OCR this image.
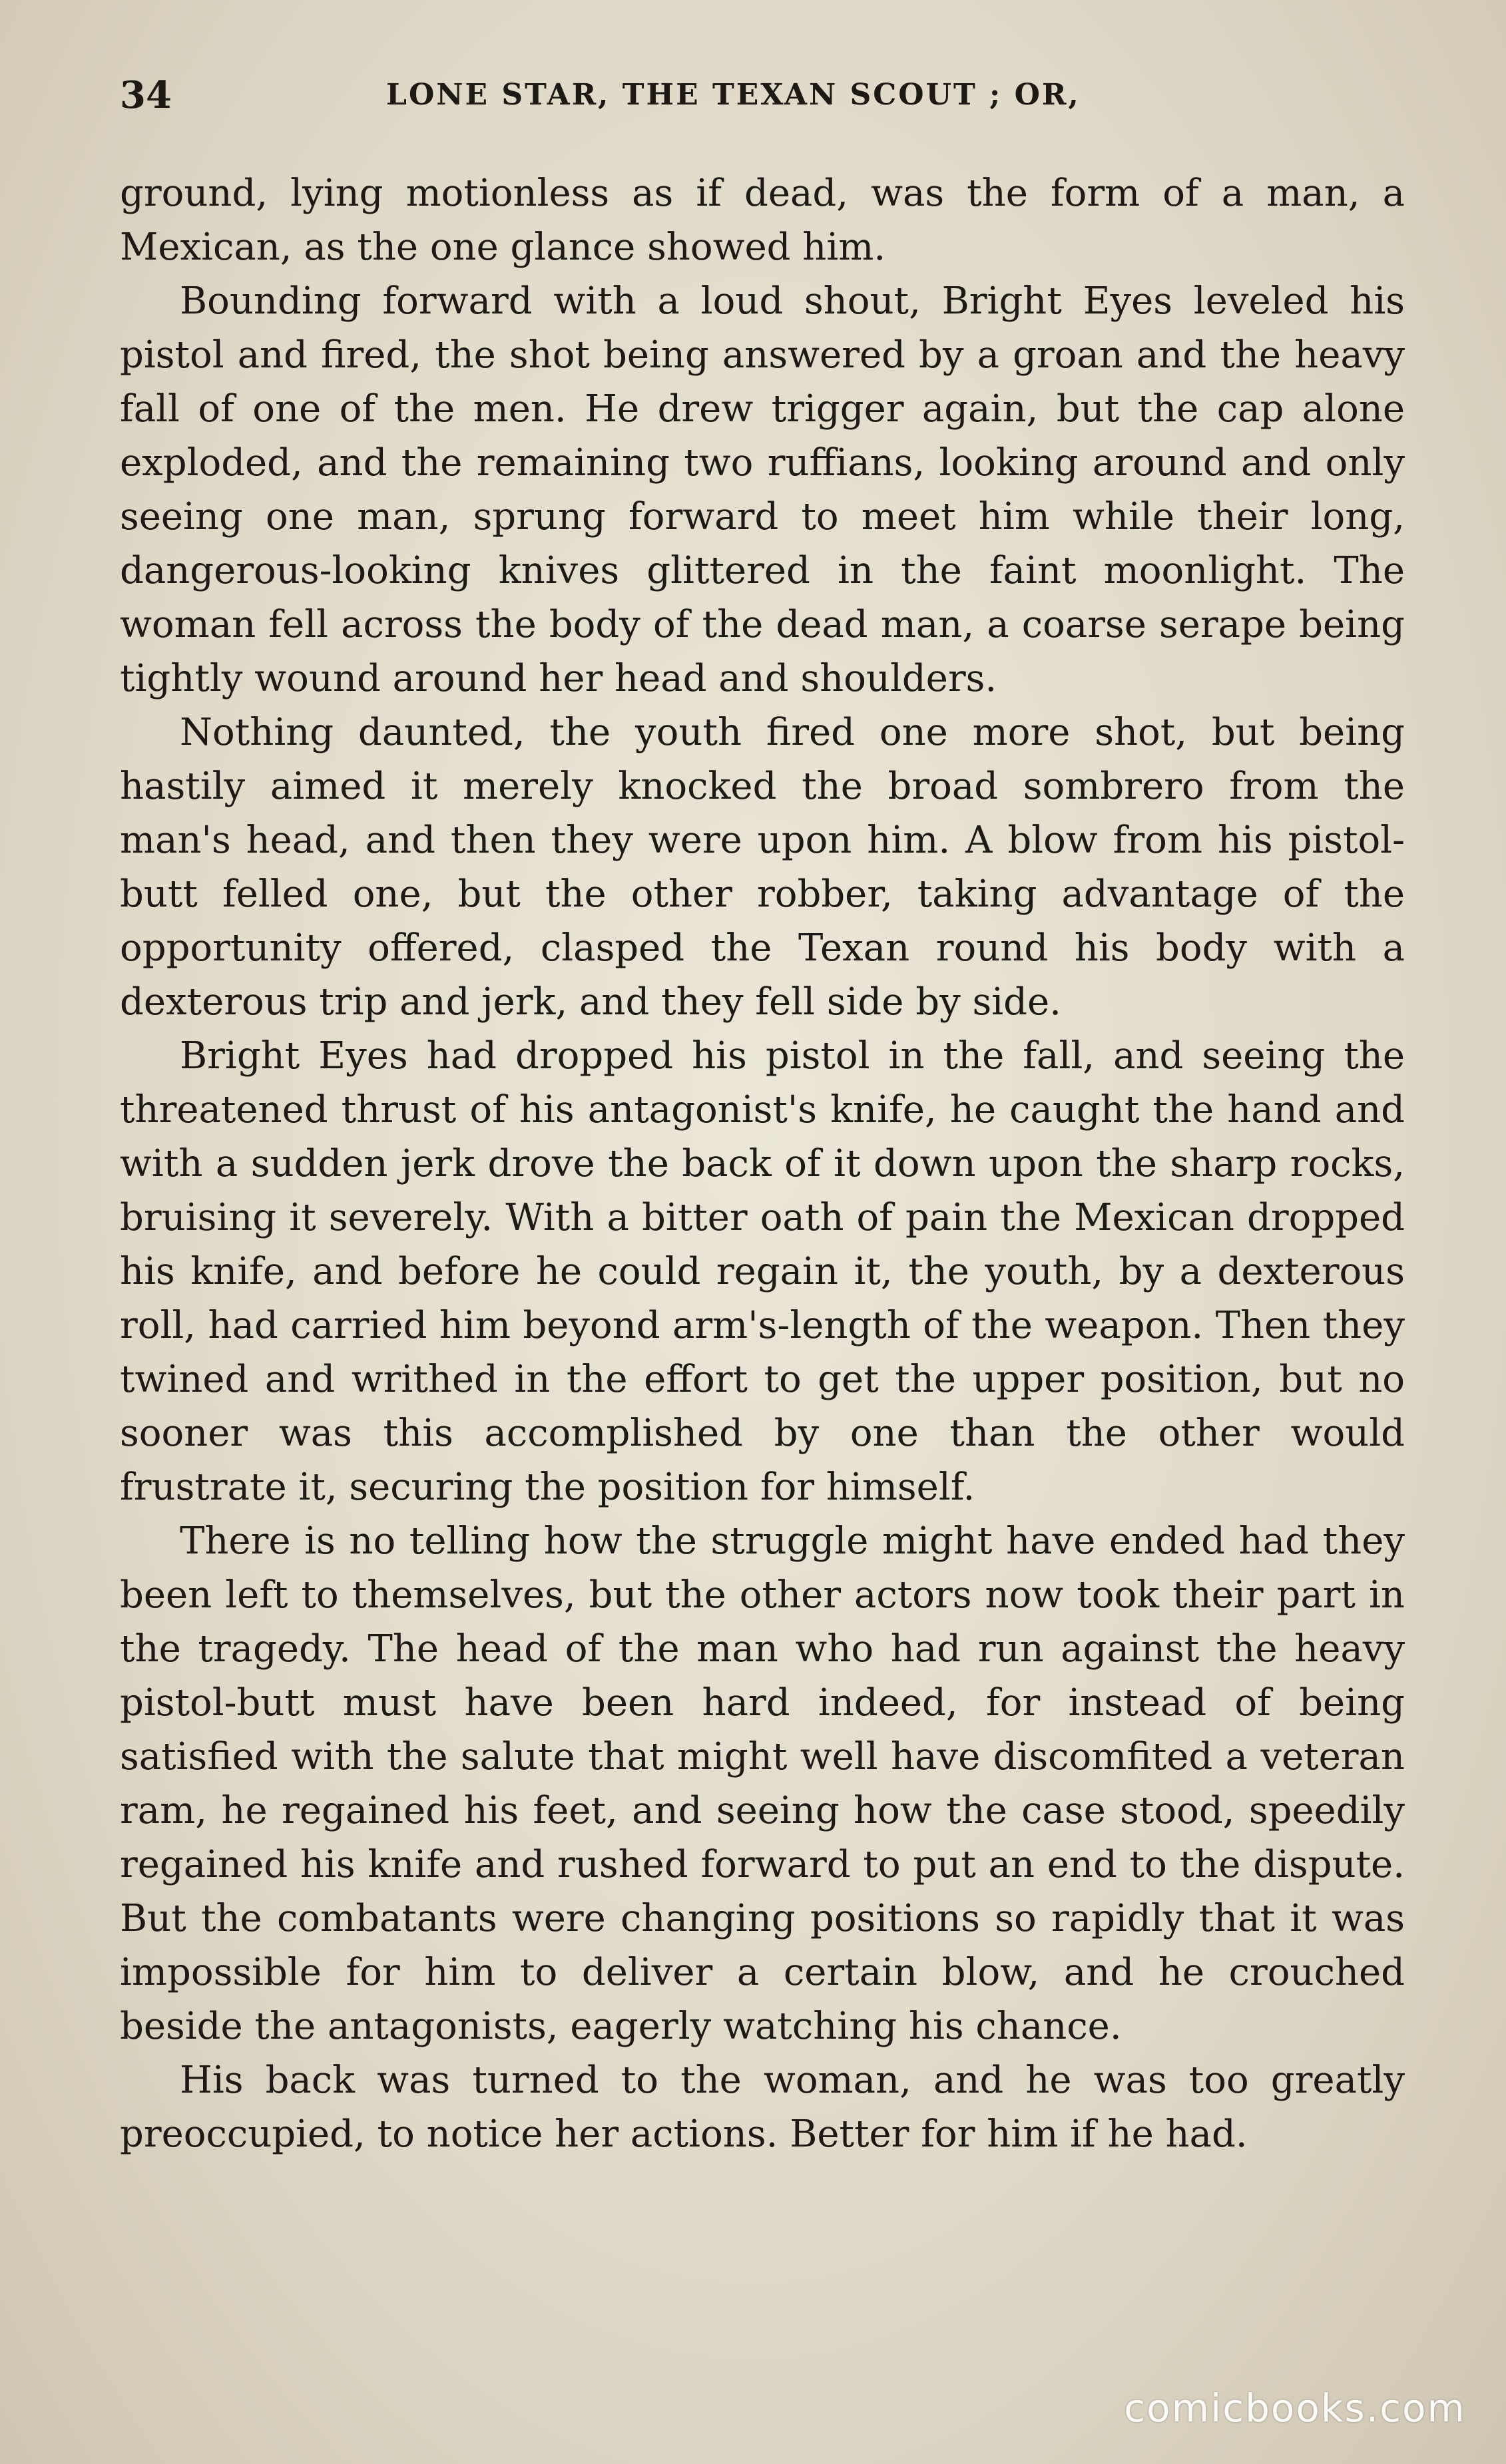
34	LONE STAR, THE TEXAN SCOUT ; OR,

ground, lying motionless as if dead, was the form of a man, a Mexican, as the one glance showed him.

Bounding forward with a loud shout, Bright Eyes leveled his pistol and fired, the shot being answered by a groan and the heavy fall of one of the men. He drew trigger again, but the cap alone exploded, and the remaining two ruffians, looking around and only seeing one man, sprung forward to meet him while their long, dangerous-looking knives glittered in the faint moonlight. The woman fell across the body of the dead man, a coarse serape being tightly wound around her head and shoulders.

Nothing daunted, the youth fired one more shot, but being hastily aimed it merely knocked the broad sombrero from the man's head, and then they were upon him. A blow from his pistol-butt felled one, but the other robber, taking advantage of the opportunity offered, clasped the Texan round his body with a dexterous trip and jerk, and they fell side by side.

Bright Eyes had dropped his pistol in the fall, and seeing the threatened thrust of his antagonist's knife, he caught the hand and with a sudden jerk drove the back of it down upon the sharp rocks, bruising it severely. With a bitter oath of pain the Mexican dropped his knife, and before he could regain it, the youth, by a dexterous roll, had carried him beyond arm's-length of the weapon. Then they twined and writhed in the effort to get the upper position, but no sooner was this accomplished by one than the other would frustrate it, securing the position for himself.

There is no telling how the struggle might have ended had they been left to themselves, but the other actors now took their part in the tragedy. The head of the man who had run against the heavy pistol-butt must have been hard indeed, for instead of being satisfied with the salute that might well have discomfited a veteran ram, he regained his feet, and seeing how the case stood, speedily regained his knife and rushed forward to put an end to the dispute. But the combatants were changing positions so rapidly that it was impossible for him to deliver a certain blow, and he crouched beside the antagonists, eagerly watching his chance.

His back was turned to the woman, and he was too greatly preoccupied, to notice her actions. Better for him if he had.

comicbooks.com
